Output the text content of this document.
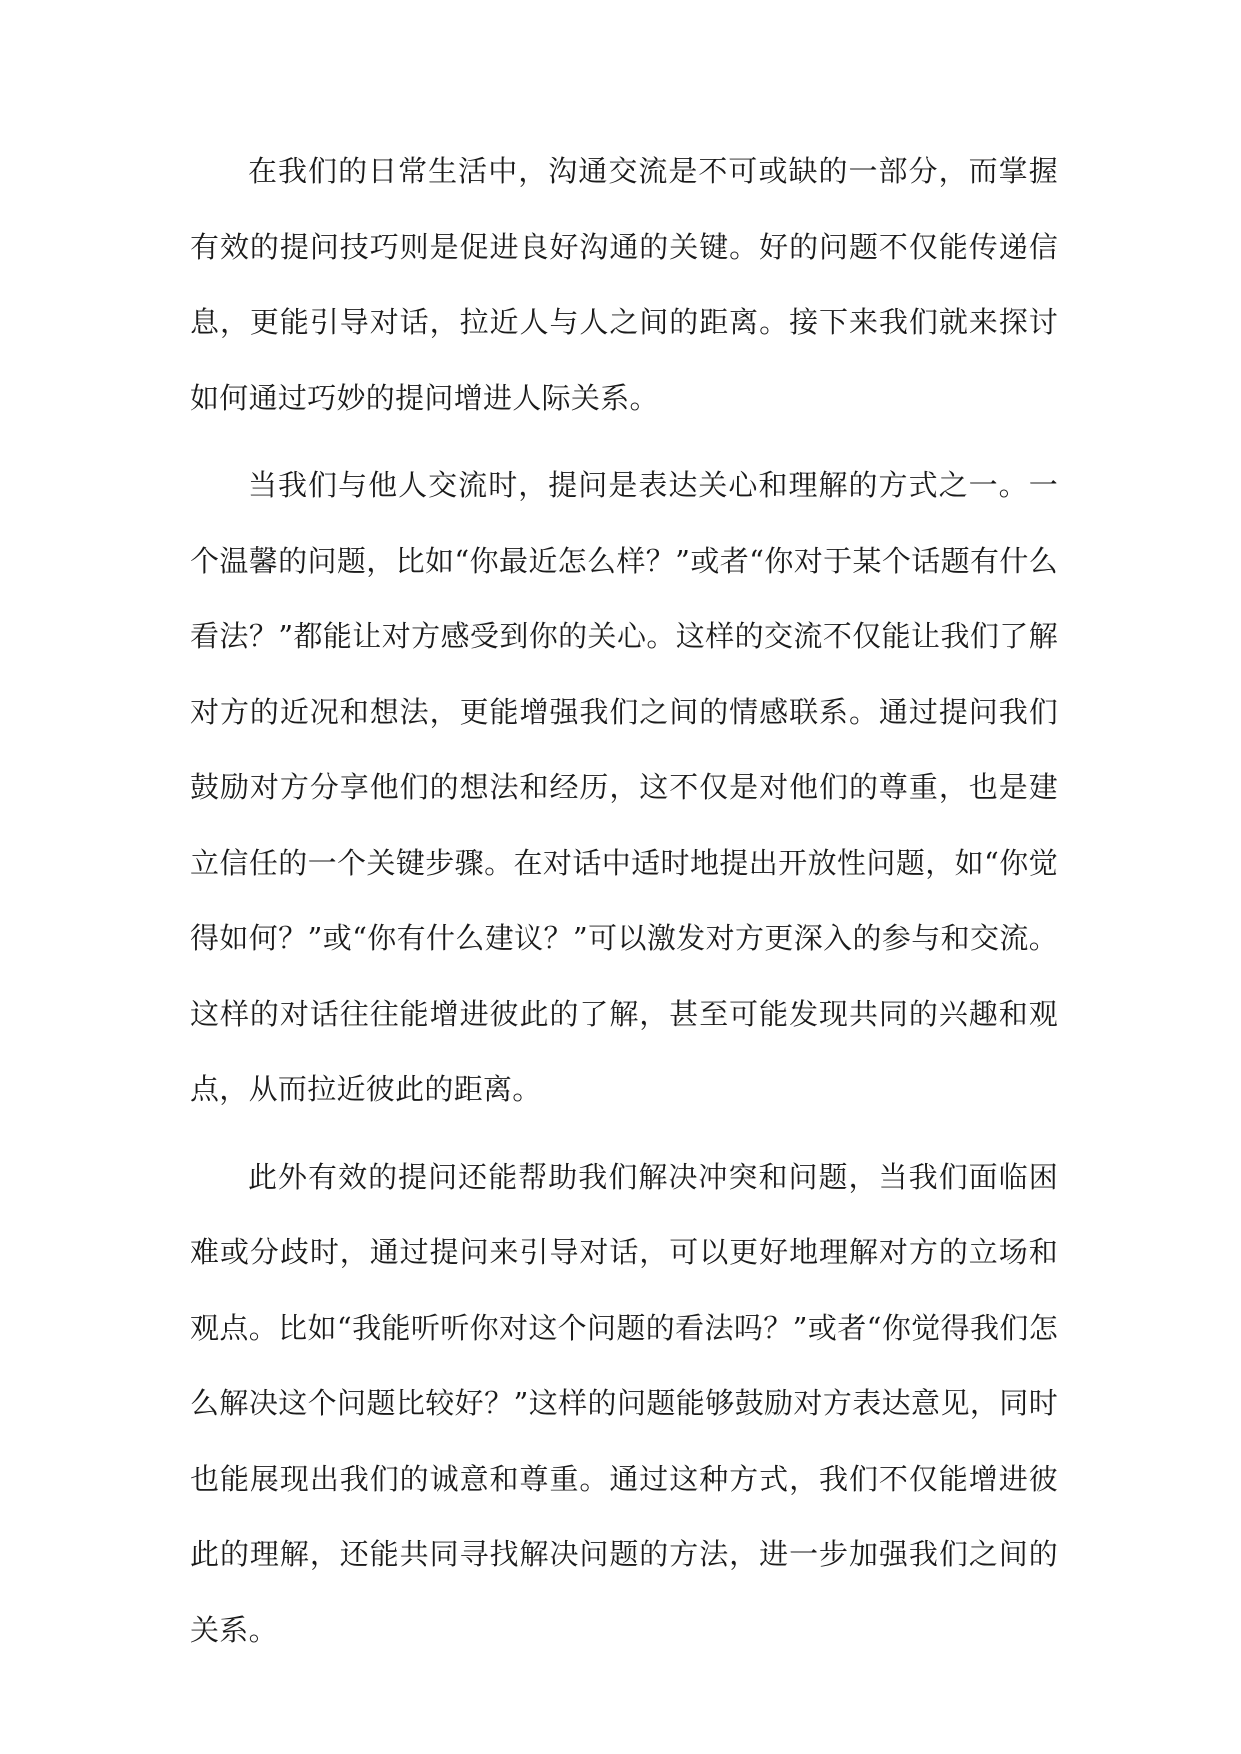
在我们的日常生活中，沟通交流是不可或缺的一部分，而掌握有效的提问技巧则是促进良好沟通的关键。好的问题不仅能传递信息，更能引导对话，拉近人与人之间的距离。接下来我们就来探讨如何通过巧妙的提问增进人际关系。

当我们与他人交流时，提问是表达关心和理解的方式之一。一个温馨的问题，比如“你最近怎么样？”或者“你对于某个话题有什么看法？”都能让对方感受到你的关心。这样的交流不仅能让我们了解对方的近况和想法，更能增强我们之间的情感联系。通过提问我们鼓励对方分享他们的想法和经历，这不仅是对他们的尊重，也是建立信任的一个关键步骤。在对话中适时地提出开放性问题，如“你觉得如何？”或“你有什么建议？”可以激发对方更深入的参与和交流。这样的对话往往能增进彼此的了解，甚至可能发现共同的兴趣和观点，从而拉近彼此的距离。

此外有效的提问还能帮助我们解决冲突和问题，当我们面临困难或分歧时，通过提问来引导对话，可以更好地理解对方的立场和观点。比如“我能听听你对这个问题的看法吗？”或者“你觉得我们怎么解决这个问题比较好？”这样的问题能够鼓励对方表达意见，同时也能展现出我们的诚意和尊重。通过这种方式，我们不仅能增进彼此的理解，还能共同寻找解决问题的方法，进一步加强我们之间的关系。
